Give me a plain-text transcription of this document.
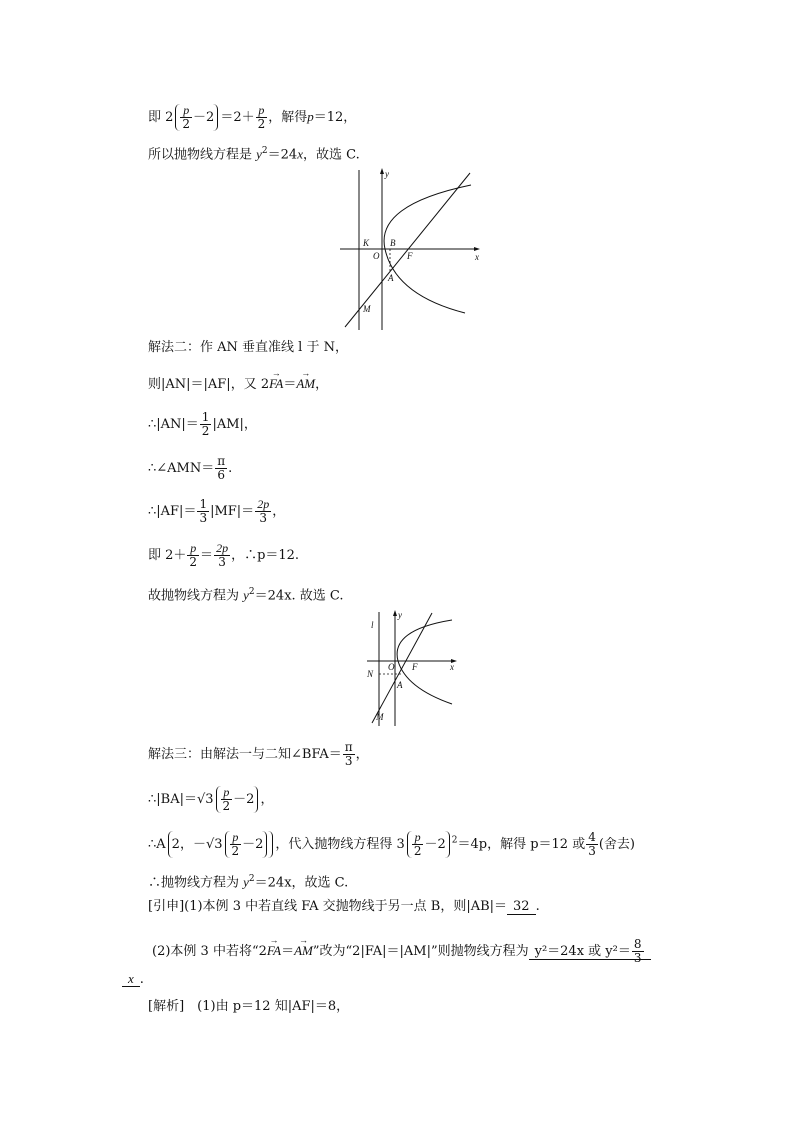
即 $2 \frac{p}{2} -2 =2+ \frac{p}{2}$ ，解得p＝12，
所以抛物线方程是 $y^2=24x$，故选 C.
y
x
K B
O	F
A
M
解法二：作 AN 垂直准线 l 于 N，
则|AN|＝|AF|，又 2→ FA＝→ AM，
∴|AN|＝ $\frac{1}{2} |AM|$，
∴∠AMN＝ $\frac{\pi}{6}$ .
∴|AF|＝ $\frac{1}{3} |MF|= \frac{2p}{3}$ ，
即 $2+ \frac{p}{2} = \frac{2p}{3}$ ，∴p＝12.
故抛物线方程为 $y^2=24x$. 故选 C.
l
y
O F	x
N
A
M
解法三：由解法一与二知∠BFA＝ $\frac{\pi}{3}$ ，
∴|BA|＝√3 $\frac{p}{2} -2$ ，
∴A 2，$-√3 \frac{p}{2} -2$ ，代入抛物线方程得 $3 \frac{p}{2} -2$ $^2$＝4p，解得 p＝12 或 $\frac{4}{3}$ (舍去)
∴抛物线方程为 $y^2=24x$，故选 C.
[引申](1)本例 3 中若直线 FA 交抛物线于另一点 B，则|AB|＝ 32 .
(2)本例 3 中若将“2→ FA＝→ AM”改为“2|FA|＝|AM|”则抛物线方程为 y²＝24x 或 $y^2= \frac{8}{3}$
x .
[解析]　(1)由 p＝12 知|AF|＝8，
